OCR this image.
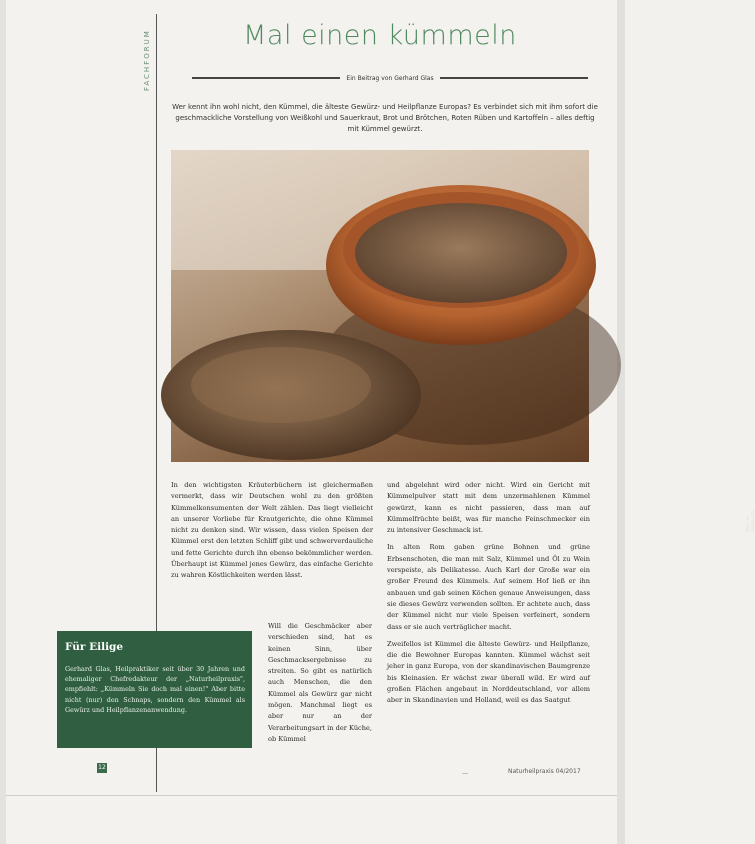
FACHFORUM	Mal einen kümmeln
Ein Beitrag von Gerhard Glas
Wer kennt ihn wohl nicht, den Kümmel, die älteste Gewürz- und Heilpflanze Europas? Es verbindet sich mit ihm sofort die geschmackliche Vorstellung von Weißkohl und Sauerkraut, Brot und Brötchen, Roten Rüben und Kartoffeln – alles deftig mit Kümmel gewürzt.
Foto: © fotolia.com

In den wichtigsten Kräuterbüchern ist gleichermaßen vermerkt, dass wir Deutschen wohl zu den größten Kümmelkonsumenten der Welt zählen. Das liegt vielleicht an unserer Vorliebe für Krautgerichte, die ohne Kümmel nicht zu denken sind. Wir wissen, dass vielen Speisen der Kümmel erst den letzten Schliff gibt und schwerverdauliche und fette Gerichte durch ihn ebenso bekömmlicher werden. Überhaupt ist Kümmel jenes Gewürz, das einfache Gerichte zu wahren Köstlichkeiten werden lässt.

Will die Geschmäcker aber verschieden sind, hat es keinen Sinn, über Geschmacksergebnisse zu streiten. So gibt es natürlich auch Menschen, die den Kümmel als Gewürz gar nicht mögen. Manchmal liegt es aber nur an der Verarbeitungsart in der Küche, ob Kümmel

und abgelehnt wird oder nicht. Wird ein Gericht mit Kümmelpulver statt mit dem unzermahlenen Kümmel gewürzt, kann es nicht passieren, dass man auf Kümmelfrüchte beißt, was für manche Feinschmecker ein zu intensiver Geschmack ist.

In alten Rom gaben grüne Bohnen und grüne Erbsenschoten, die man mit Salz, Kümmel und Öl zu Wein verspeiste, als Delikatesse. Auch Karl der Große war ein großer Freund des Kümmels. Auf seinem Hof ließ er ihn anbauen und gab seinen Köchen genaue Anweisungen, dass sie dieses Gewürz verwenden sollten. Er achtete auch, dass der Kümmel nicht nur viele Speisen verfeinert, sondern dass er sie auch verträglicher macht.

Zweifellos ist Kümmel die älteste Gewürz- und Heilpflanze, die die Bewohner Europas kannten. Kümmel wächst seit jeher in ganz Europa, von der skandinavischen Baumgrenze bis Kleinasien. Er wächst zwar überall wild. Er wird auf großen Flächen angebaut in Norddeutschland, vor allem aber in Skandinavien und Holland, weil es das Saatgut

Für Eilige
Gerhard Glas, Heilpraktiker seit über 30 Jahren und ehemaliger Chefredakteur der „Naturheilpraxis", empfiehlt: „Kümmeln Sie doch mal einen!" Aber bitte nicht (nur) den Schnaps, sondern den Kümmel als Gewürz und Heilpflanzenanwendung.
12
—	Naturheilpraxis 04/2017
